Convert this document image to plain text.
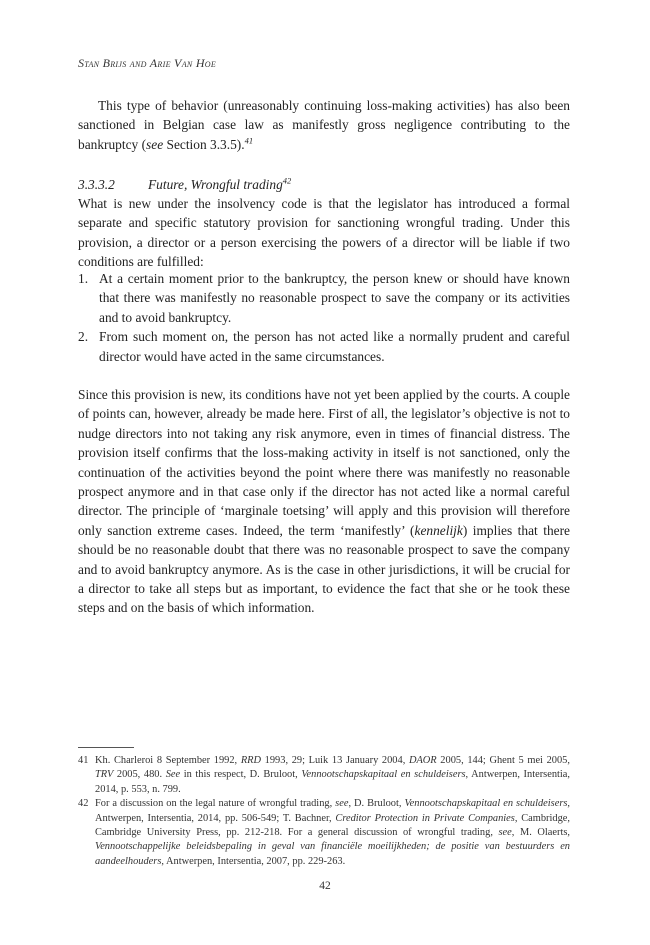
Stan Brijs and Arie Van Hoe

This type of behavior (unreasonably continuing loss-making activities) has also been sanctioned in Belgian case law as manifestly gross negligence contributing to the bankruptcy (see Section 3.3.5).$^{41}$

3.3.3.2 Future, Wrongful trading$^{42}$

What is new under the insolvency code is that the legislator has introduced a formal separate and specific statutory provision for sanctioning wrongful trading. Under this provision, a director or a person exercising the powers of a director will be liable if two conditions are fulfilled:

1. At a certain moment prior to the bankruptcy, the person knew or should have known that there was manifestly no reasonable prospect to save the company or its activities and to avoid bankruptcy.
2. From such moment on, the person has not acted like a normally prudent and careful director would have acted in the same circumstances.

Since this provision is new, its conditions have not yet been applied by the courts. A couple of points can, however, already be made here. First of all, the legislator’s objective is not to nudge directors into not taking any risk anymore, even in times of financial distress. The provision itself confirms that the loss-making activity in itself is not sanctioned, only the continuation of the activities beyond the point where there was manifestly no reasonable prospect anymore and in that case only if the director has not acted like a normal careful director. The principle of ‘marginale toetsing’ will apply and this provision will therefore only sanction extreme cases. Indeed, the term ‘manifestly’ (kennelijk) implies that there should be no reasonable doubt that there was no reasonable prospect to save the company and to avoid bankruptcy anymore. As is the case in other jurisdictions, it will be crucial for a director to take all steps but as important, to evidence the fact that she or he took these steps and on the basis of which information.

41 Kh. Charleroi 8 September 1992, RRD 1993, 29; Luik 13 January 2004, DAOR 2005, 144; Ghent 5 mei 2005, TRV 2005, 480. See in this respect, D. Bruloot, Vennootschapskapitaal en schuldeisers, Antwerpen, Intersentia, 2014, p. 553, n. 799.
42 For a discussion on the legal nature of wrongful trading, see, D. Bruloot, Vennootschapskapitaal en schuldeisers, Antwerpen, Intersentia, 2014, pp. 506-549; T. Bachner, Creditor Protection in Private Companies, Cambridge, Cambridge University Press, pp. 212-218. For a general discussion of wrongful trading, see, M. Olaerts, Vennootschappelijke beleidsbepaling in geval van financiële moeilijkheden; de positie van bestuurders en aandeelhouders, Antwerpen, Intersentia, 2007, pp. 229-263.
42
